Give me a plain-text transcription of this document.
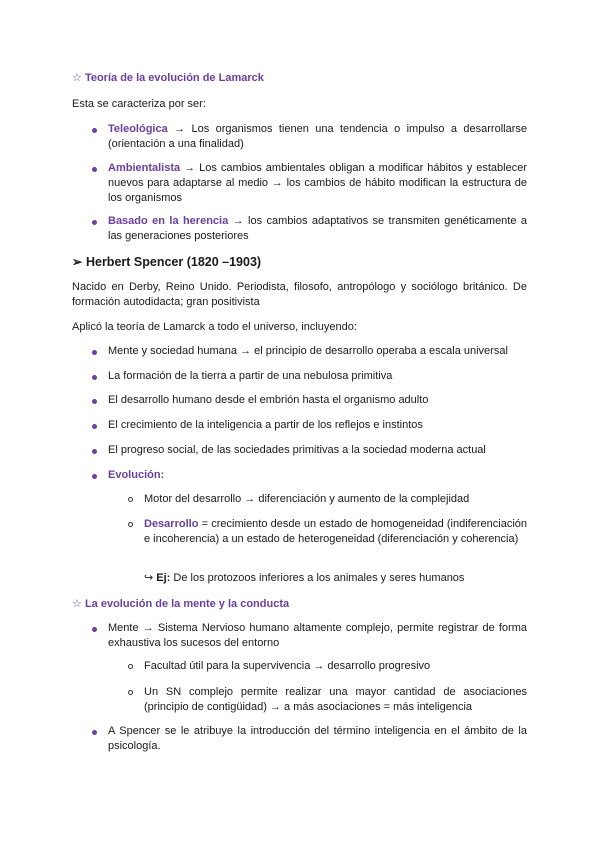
☆ Teoría de la evolución de Lamarck
Esta se caracteriza por ser:
Teleológica → Los organismos tienen una tendencia o impulso a desarrollarse (orientación a una finalidad)
Ambientalista → Los cambios ambientales obligan a modificar hábitos y establecer nuevos para adaptarse al medio → los cambios de hábito modifican la estructura de los organismos
Basado en la herencia → los cambios adaptativos se transmiten genéticamente a las generaciones posteriores
➢ Herbert Spencer (1820 –1903)
Nacido en Derby, Reino Unido. Periodista, filosofo, antropólogo y sociólogo británico. De formación autodidacta; gran positivista
Aplicó la teoría de Lamarck a todo el universo, incluyendo:
Mente y sociedad humana → el principio de desarrollo operaba a escala universal
La formación de la tierra a partir de una nebulosa primitiva
El desarrollo humano desde el embrión hasta el organismo adulto
El crecimiento de la inteligencia a partir de los reflejos e instintos
El progreso social, de las sociedades primitivas a la sociedad moderna actual
Evolución:
Motor del desarrollo → diferenciación y aumento de la complejidad
Desarrollo = crecimiento desde un estado de homogeneidad (indiferenciación e incoherencia) a un estado de heterogeneidad (diferenciación y coherencia)
↪ Ej: De los protozoos inferiores a los animales y seres humanos
☆ La evolución de la mente y la conducta
Mente → Sistema Nervioso humano altamente complejo, permite registrar de forma exhaustiva los sucesos del entorno
Facultad útil para la supervivencia → desarrollo progresivo
Un SN complejo permite realizar una mayor cantidad de asociaciones (principio de contigüidad) → a más asociaciones = más inteligencia
A Spencer se le atribuye la introducción del término inteligencia en el ámbito de la psicología.
